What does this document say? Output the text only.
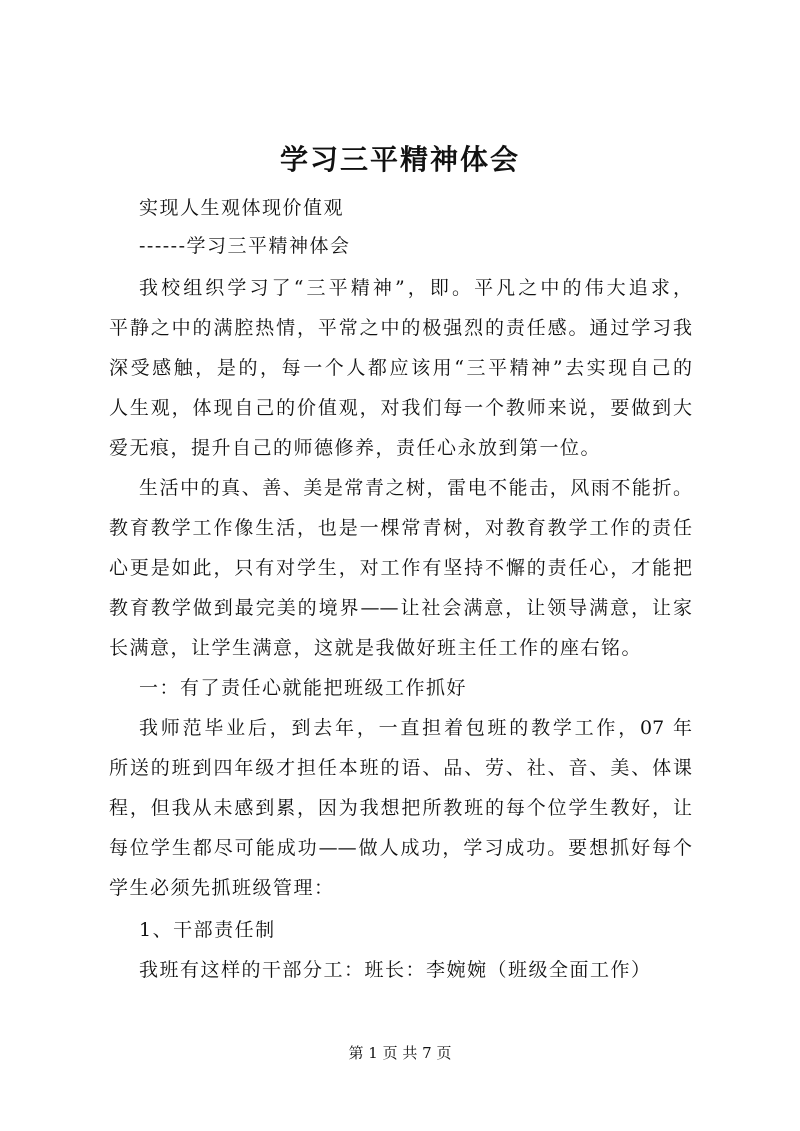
学习三平精神体会
实现人生观体现价值观
------学习三平精神体会
我校组织学习了“三平精神”，即。平凡之中的伟大追求，
平静之中的满腔热情，平常之中的极强烈的责任感。通过学习我
深受感触，是的，每一个人都应该用“三平精神”去实现自己的
人生观，体现自己的价值观，对我们每一个教师来说，要做到大
爱无痕，提升自己的师德修养，责任心永放到第一位。
生活中的真、善、美是常青之树，雷电不能击，风雨不能折。
教育教学工作像生活，也是一棵常青树，对教育教学工作的责任
心更是如此，只有对学生，对工作有坚持不懈的责任心，才能把
教育教学做到最完美的境界——让社会满意，让领导满意，让家
长满意，让学生满意，这就是我做好班主任工作的座右铭。
一：有了责任心就能把班级工作抓好
我师范毕业后，到去年，一直担着包班的教学工作，07 年
所送的班到四年级才担任本班的语、品、劳、社、音、美、体课
程，但我从未感到累，因为我想把所教班的每个位学生教好，让
每位学生都尽可能成功——做人成功，学习成功。要想抓好每个
学生必须先抓班级管理：
1、干部责任制
我班有这样的干部分工：班长：李婉婉（班级全面工作）
第 1 页 共 7 页
